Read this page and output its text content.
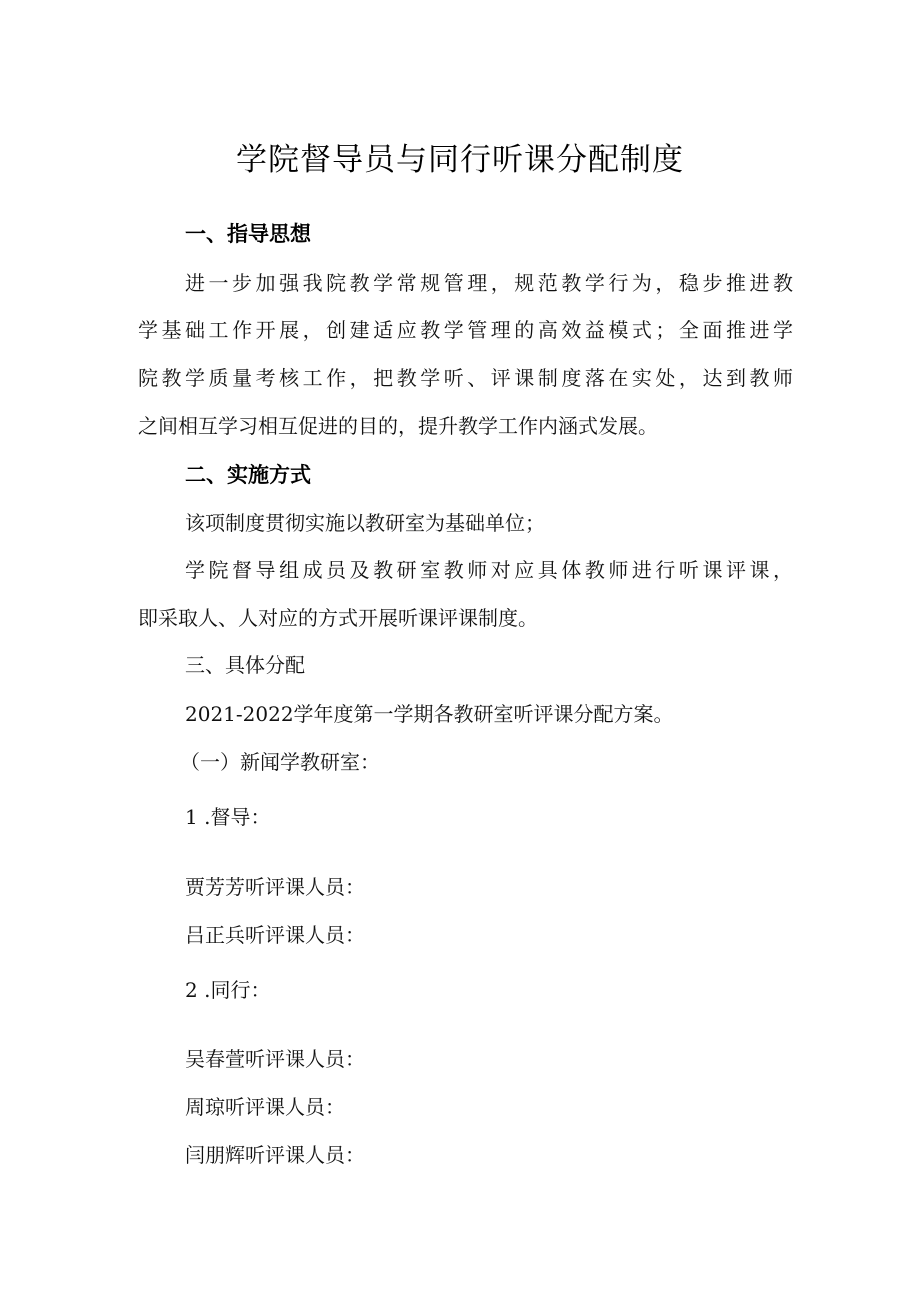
学院督导员与同行听课分配制度
一、指导思想
进一步加强我院教学常规管理，规范教学行为，稳步推进教
学基础工作开展，创建适应教学管理的高效益模式；全面推进学
院教学质量考核工作，把教学听、评课制度落在实处，达到教师
之间相互学习相互促进的目的，提升教学工作内涵式发展。
二、实施方式
该项制度贯彻实施以教研室为基础单位；
学院督导组成员及教研室教师对应具体教师进行听课评课，
即采取人、人对应的方式开展听课评课制度。
三、具体分配
2021-2022学年度第一学期各教研室听评课分配方案。
（一）新闻学教研室：
1 .督导：
贾芳芳听评课人员：
吕正兵听评课人员：
2 .同行：
吴春萱听评课人员：
周琼听评课人员：
闫朋辉听评课人员：
